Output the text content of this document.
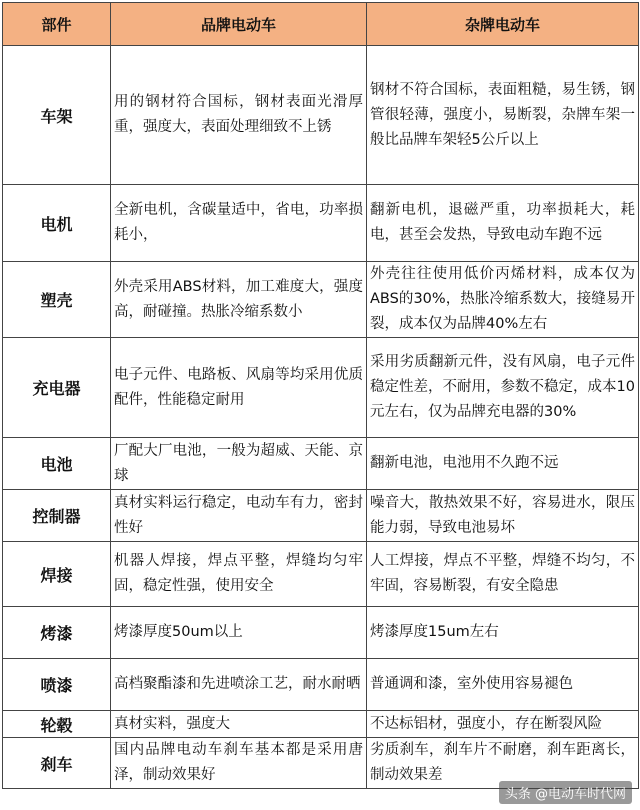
部件	品牌电动车	杂牌电动车
车架	用的钢材符合国标，钢材表面光滑厚重，强度大，表面处理细致不上锈	钢材不符合国标，表面粗糙，易生锈，钢管很轻薄，强度小，易断裂，杂牌车架一般比品牌车架轻5公斤以上
电机	全新电机，含碳量适中，省电，功率损耗小，	翻新电机，退磁严重，功率损耗大，耗电，甚至会发热，导致电动车跑不远
塑壳	外壳采用ABS材料，加工难度大，强度高，耐碰撞。热胀冷缩系数小	外壳往往使用低价丙烯材料，成本仅为ABS的30%，热胀冷缩系数大，接缝易开裂，成本仅为品牌40%左右
充电器	电子元件、电路板、风扇等均采用优质配件，性能稳定耐用	采用劣质翻新元件，没有风扇，电子元件稳定性差，不耐用，参数不稳定，成本10元左右，仅为品牌充电器的30%
电池	厂配大厂电池，一般为超威、天能、京球	翻新电池，电池用不久跑不远
控制器	真材实料运行稳定，电动车有力，密封性好	噪音大，散热效果不好，容易进水，限压能力弱，导致电池易坏
焊接	机器人焊接，焊点平整，焊缝均匀牢固，稳定性强，使用安全	人工焊接，焊点不平整，焊缝不均匀，不牢固，容易断裂，有安全隐患
烤漆	烤漆厚度50um以上	烤漆厚度15um左右
喷漆	高档聚酯漆和先进喷涂工艺，耐水耐晒	普通调和漆，室外使用容易褪色
轮毂	真材实料，强度大	不达标铝材，强度小，存在断裂风险
刹车	国内品牌电动车刹车基本都是采用唐泽，制动效果好	劣质刹车，刹车片不耐磨，刹车距离长，制动效果差
头条 @电动车时代网
